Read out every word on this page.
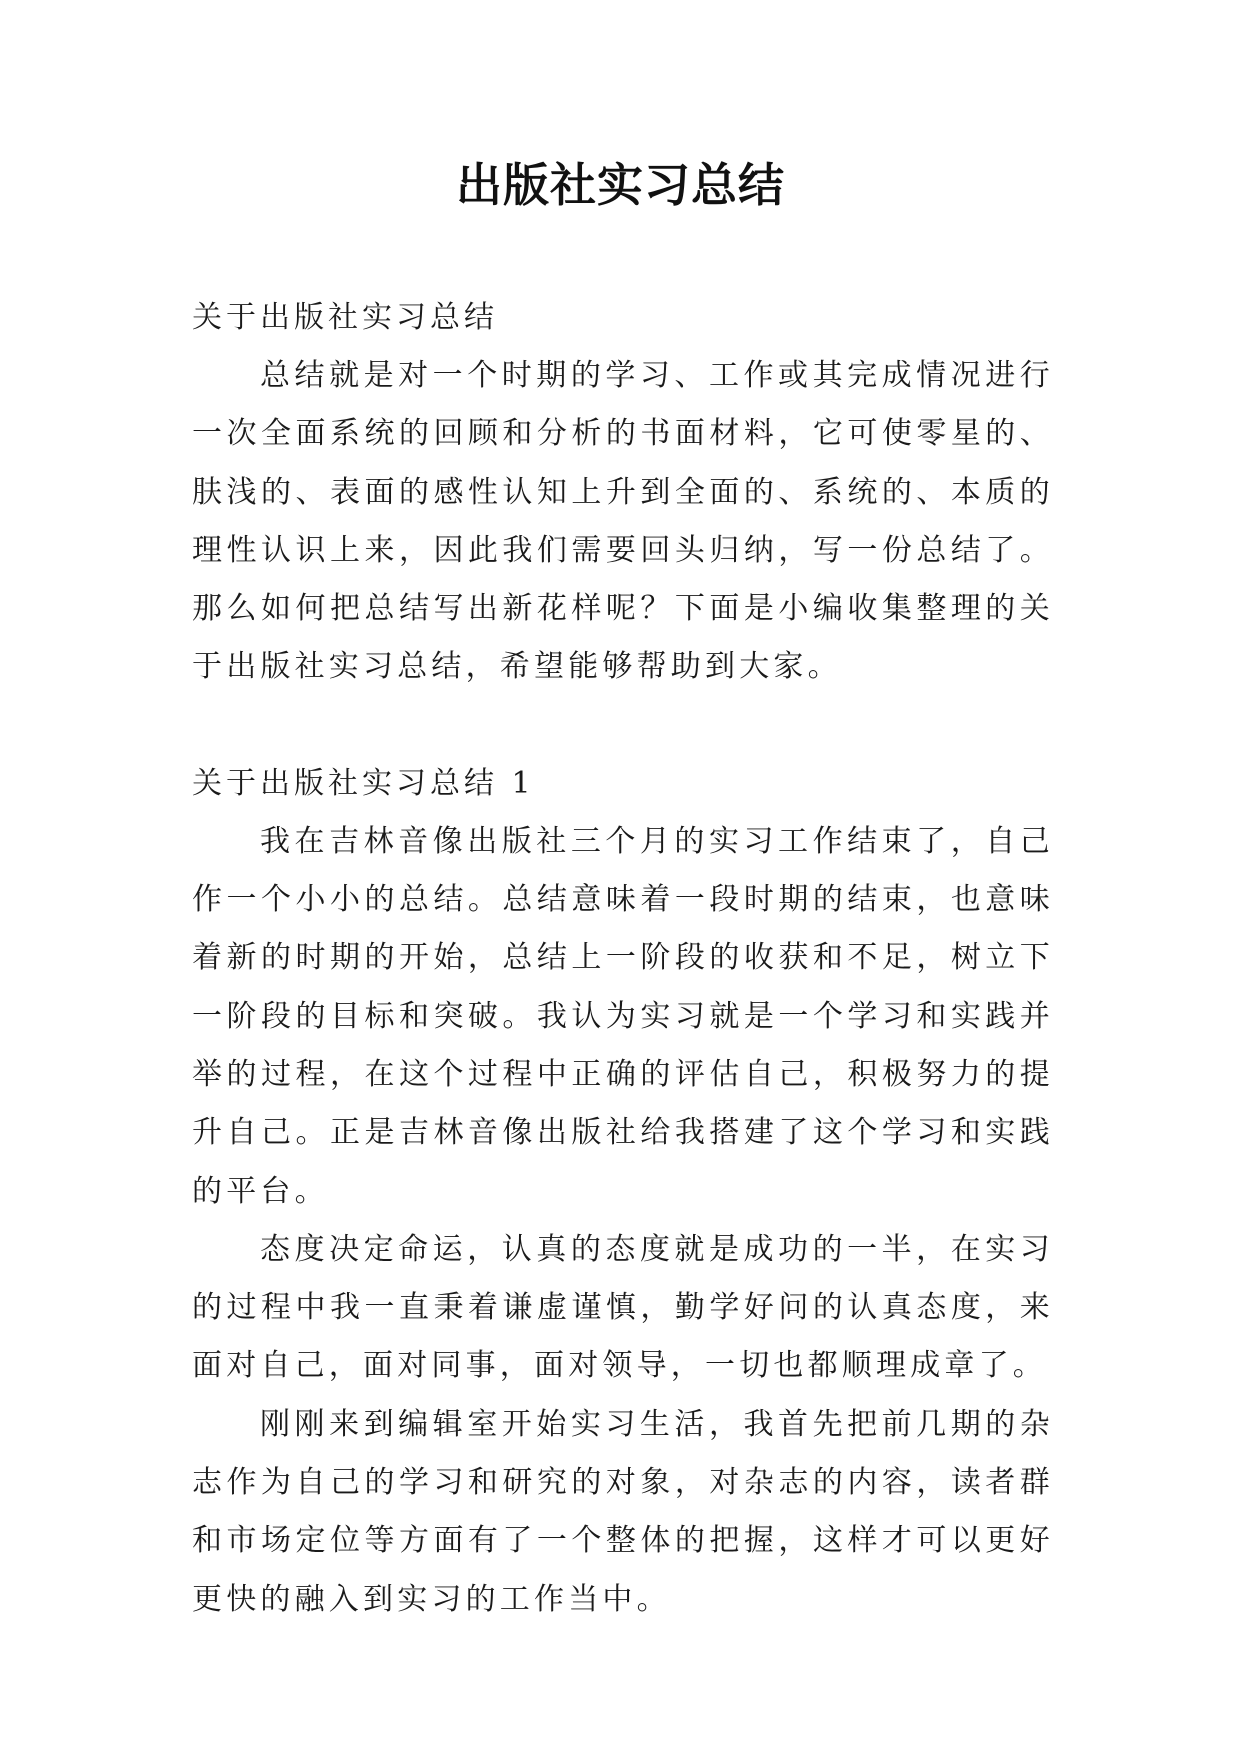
出版社实习总结

关于出版社实习总结

总结就是对一个时期的学习、工作或其完成情况进行一次全面系统的回顾和分析的书面材料，它可使零星的、肤浅的、表面的感性认知上升到全面的、系统的、本质的理性认识上来，因此我们需要回头归纳，写一份总结了。那么如何把总结写出新花样呢？下面是小编收集整理的关于出版社实习总结，希望能够帮助到大家。

关于出版社实习总结 1

我在吉林音像出版社三个月的实习工作结束了，自己作一个小小的总结。总结意味着一段时期的结束，也意味着新的时期的开始，总结上一阶段的收获和不足，树立下一阶段的目标和突破。我认为实习就是一个学习和实践并举的过程，在这个过程中正确的评估自己，积极努力的提升自己。正是吉林音像出版社给我搭建了这个学习和实践的平台。

态度决定命运，认真的态度就是成功的一半，在实习的过程中我一直秉着谦虚谨慎，勤学好问的认真态度，来面对自己，面对同事，面对领导，一切也都顺理成章了。

刚刚来到编辑室开始实习生活，我首先把前几期的杂志作为自己的学习和研究的对象，对杂志的内容，读者群和市场定位等方面有了一个整体的把握，这样才可以更好更快的融入到实习的工作当中。
